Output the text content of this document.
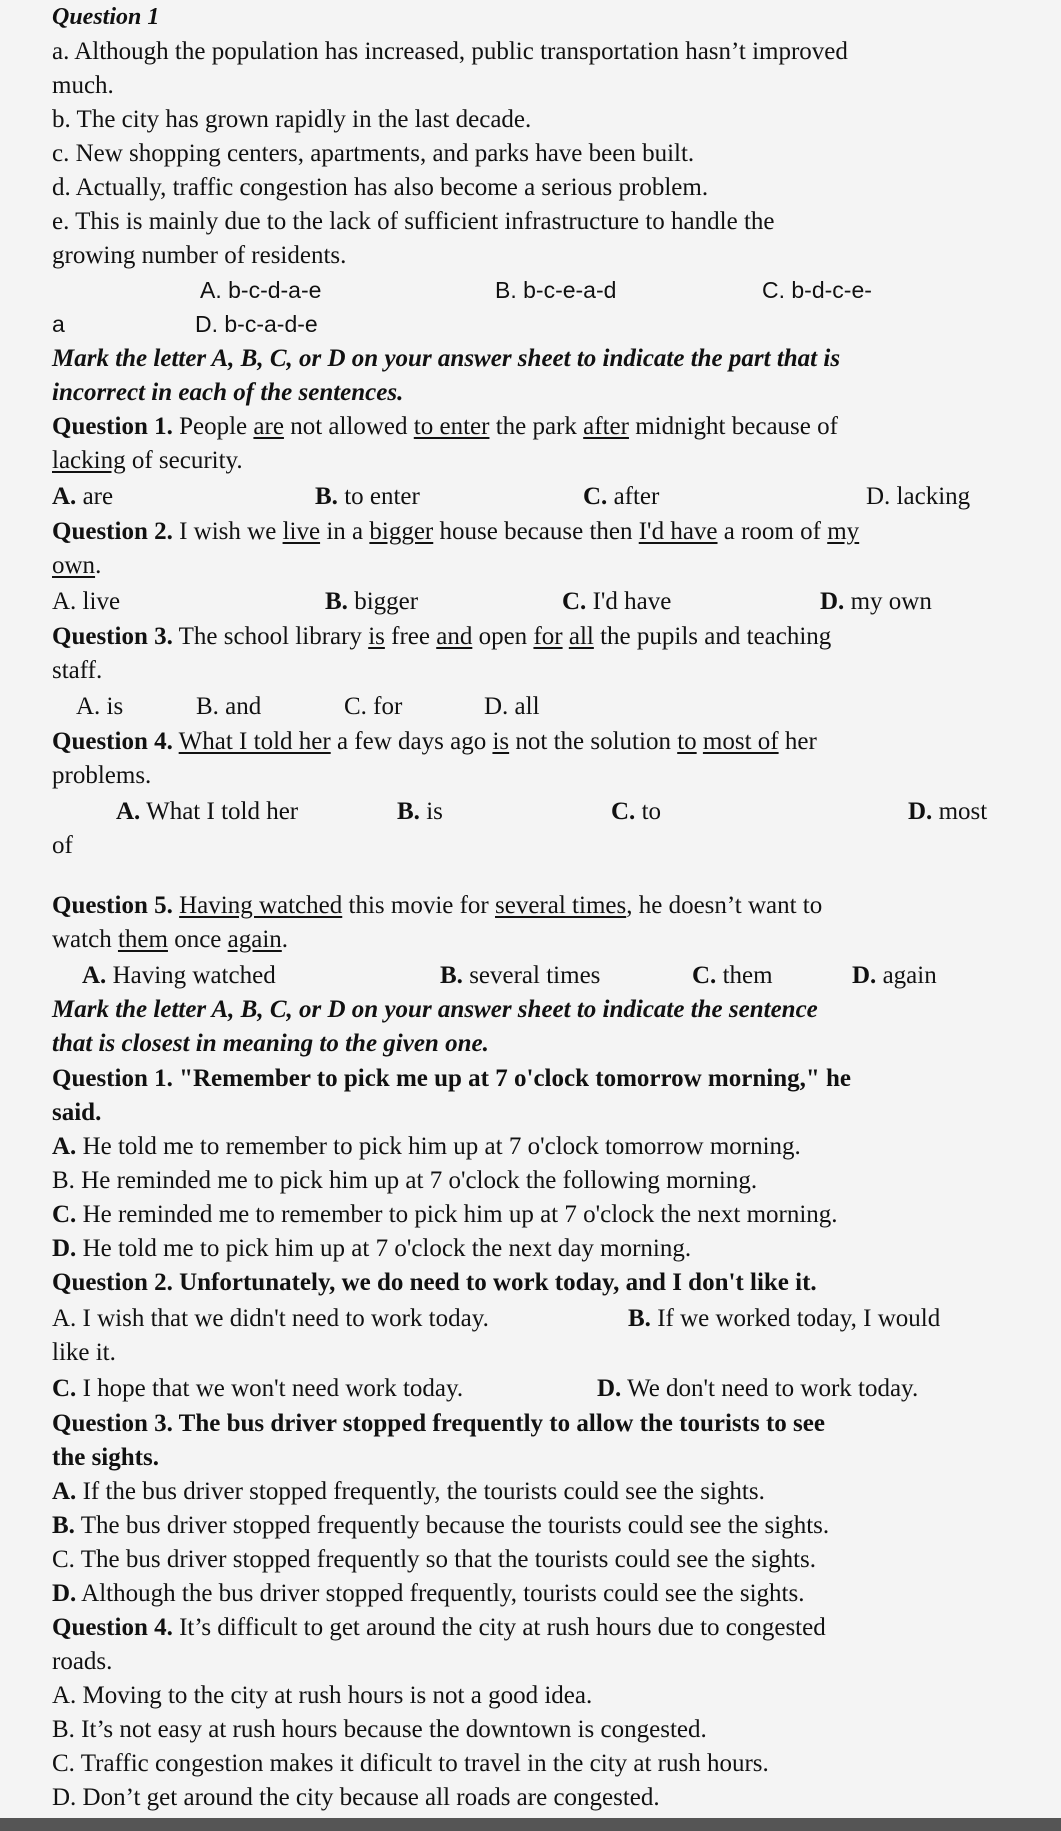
Question 1
a. Although the population has increased, public transportation hasn’t improved
much.
b. The city has grown rapidly in the last decade.
c. New shopping centers, apartments, and parks have been built.
d. Actually, traffic congestion has also become a serious problem.
e. This is mainly due to the lack of sufficient infrastructure to handle the
growing number of residents.
A. b-c-d-a-e	B. b-c-e-a-d	C. b-d-c-e-
a	D. b-c-a-d-e
Mark the letter A, B, C, or D on your answer sheet to indicate the part that is
incorrect in each of the sentences.
Question 1. People are not allowed to enter the park after midnight because of
lacking of security.
A. are	B. to enter	C. after	D. lacking
Question 2. I wish we live in a bigger house because then I'd have a room of my
own.
A. live	B. bigger	C. I'd have	D. my own
Question 3. The school library is free and open for all the pupils and teaching
staff.
A. is	B. and	C. for	D. all
Question 4. What I told her a few days ago is not the solution to most of her
problems.
A. What I told her	B. is	C. to	D. most
of
Question 5. Having watched this movie for several times, he doesn’t want to
watch them once again.
A. Having watched	B. several times	C. them	D. again
Mark the letter A, B, C, or D on your answer sheet to indicate the sentence
that is closest in meaning to the given one.
Question 1. "Remember to pick me up at 7 o'clock tomorrow morning," he
said.
A. He told me to remember to pick him up at 7 o'clock tomorrow morning.
B. He reminded me to pick him up at 7 o'clock the following morning.
C. He reminded me to remember to pick him up at 7 o'clock the next morning.
D. He told me to pick him up at 7 o'clock the next day morning.
Question 2. Unfortunately, we do need to work today, and I don't like it.
A. I wish that we didn't need to work today.	B. If we worked today, I would
like it.
C. I hope that we won't need work today.	D. We don't need to work today.
Question 3. The bus driver stopped frequently to allow the tourists to see
the sights.
A. If the bus driver stopped frequently, the tourists could see the sights.
B. The bus driver stopped frequently because the tourists could see the sights.
C. The bus driver stopped frequently so that the tourists could see the sights.
D. Although the bus driver stopped frequently, tourists could see the sights.
Question 4. It’s difficult to get around the city at rush hours due to congested
roads.
A. Moving to the city at rush hours is not a good idea.
B. It’s not easy at rush hours because the downtown is congested.
C. Traffic congestion makes it dificult to travel in the city at rush hours.
D. Don’t get around the city because all roads are congested.
